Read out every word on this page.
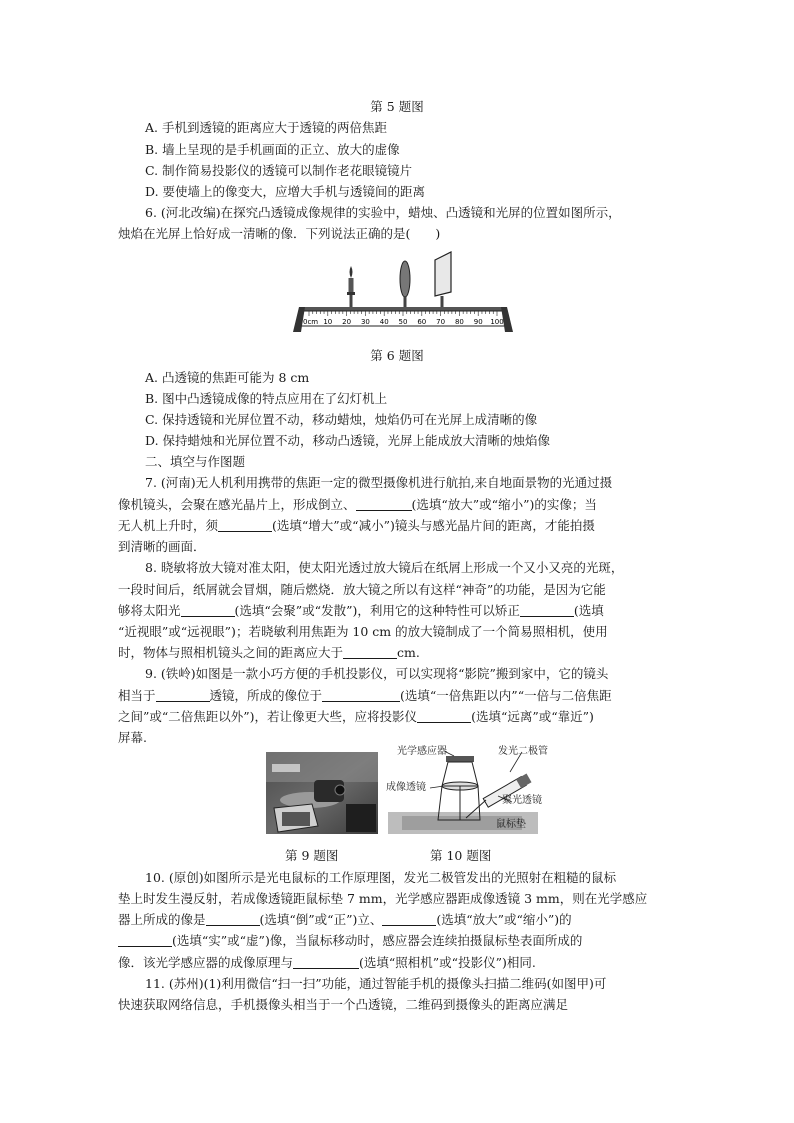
第 5 题图
A. 手机到透镜的距离应大于透镜的两倍焦距
B. 墙上呈现的是手机画面的正立、放大的虚像
C. 制作简易投影仪的透镜可以制作老花眼镜镜片
D. 要使墙上的像变大，应增大手机与透镜间的距离
6. (河北改编)在探究凸透镜成像规律的实验中，蜡烛、凸透镜和光屏的位置如图所示，
烛焰在光屏上恰好成一清晰的像．下列说法正确的是(　　)
0cm 10 20 30 40 50 60 70 80 90 100
第 6 题图
A. 凸透镜的焦距可能为 8 cm
B. 图中凸透镜成像的特点应用在了幻灯机上
C. 保持透镜和光屏位置不动，移动蜡烛，烛焰仍可在光屏上成清晰的像
D. 保持蜡烛和光屏位置不动，移动凸透镜，光屏上能成放大清晰的烛焰像
二、填空与作图题
7. (河南)无人机利用携带的焦距一定的微型摄像机进行航拍,来自地面景物的光通过摄
像机镜头，会聚在感光晶片上，形成倒立、	(选填“放大”或“缩小”)的实像；当
无人机上升时，须	(选填“增大”或“减小”)镜头与感光晶片间的距离，才能拍摄
到清晰的画面．
8. 晓敏将放大镜对准太阳，使太阳光透过放大镜后在纸屑上形成一个又小又亮的光斑，
一段时间后，纸屑就会冒烟，随后燃烧．放大镜之所以有这样“神奇”的功能，是因为它能
够将太阳光	(选填“会聚”或“发散”)，利用它的这种特性可以矫正	(选填
“近视眼”或“远视眼”)；若晓敏利用焦距为 10 cm 的放大镜制成了一个简易照相机，使用
时，物体与照相机镜头之间的距离应大于	cm.
9. (铁岭)如图是一款小巧方便的手机投影仪，可以实现将“影院”搬到家中，它的镜头
相当于	透镜，所成的像位于	(选填“一倍焦距以内”“一倍与二倍焦距
之间”或“二倍焦距以外”)，若让像更大些，应将投影仪	(选填“远离”或“靠近”)
屏幕.
光学感应器	发光二极管
成像透镜
聚光透镜
鼠标垫
第 9 题图	第 10 题图
10. (原创)如图所示是光电鼠标的工作原理图，发光二极管发出的光照射在粗糙的鼠标
垫上时发生漫反射，若成像透镜距鼠标垫 7 mm，光学感应器距成像透镜 3 mm，则在光学感应
器上所成的像是	(选填“倒”或“正”)立、	(选填“放大”或“缩小”)的
(选填“实”或“虚”)像，当鼠标移动时，感应器会连续拍摄鼠标垫表面所成的
像．该光学感应器的成像原理与	(选填“照相机”或“投影仪”)相同.
11. (苏州)(1)利用微信“扫一扫”功能，通过智能手机的摄像头扫描二维码(如图甲)可
快速获取网络信息，手机摄像头相当于一个凸透镜，二维码到摄像头的距离应满足
